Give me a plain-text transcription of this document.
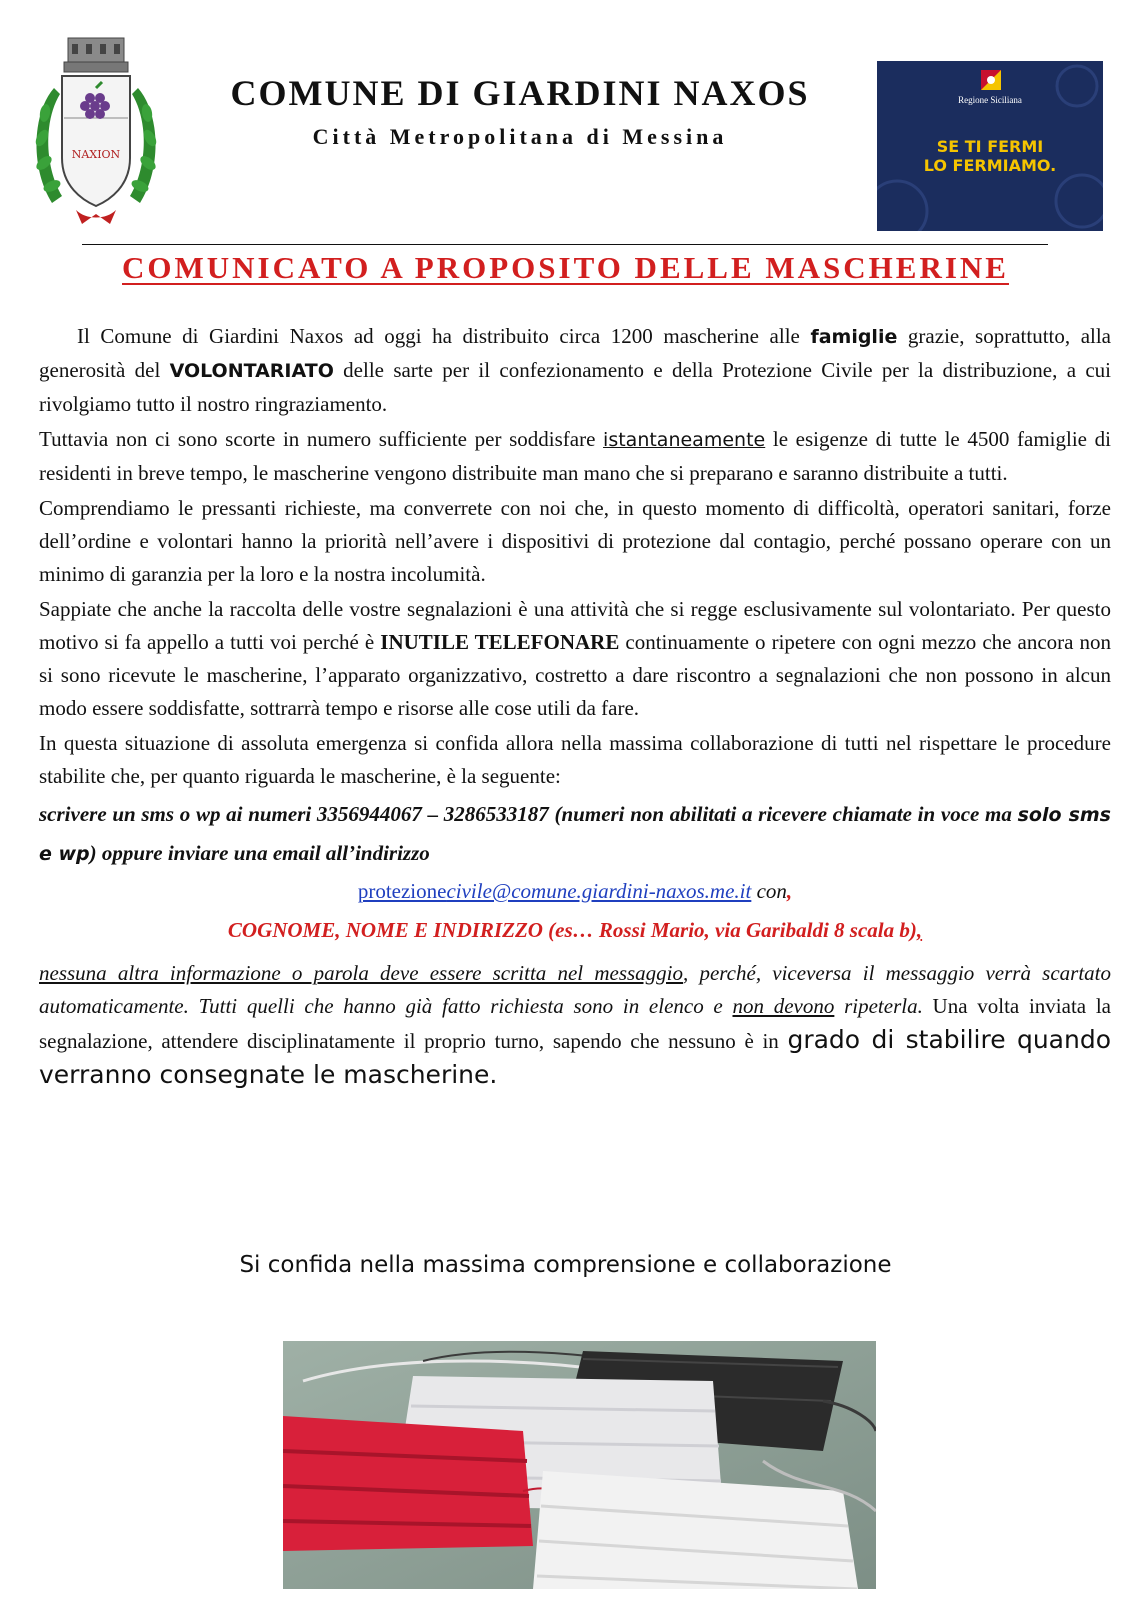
NAXION
COMUNE DI GIARDINI NAXOS
Città Metropolitana di Messina
Regione Siciliana
SE TI FERMI
LO FERMIAMO.
COMUNICATO A PROPOSITO DELLE MASCHERINE

Il Comune di Giardini Naxos ad oggi ha distribuito circa 1200 mascherine alle famiglie grazie, soprattutto, alla generosità del VOLONTARIATO delle sarte per il confezionamento e della Protezione Civile per la distribuzione, a cui rivolgiamo tutto il nostro ringraziamento.

Tuttavia non ci sono scorte in numero sufficiente per soddisfare istantaneamente le esigenze di tutte le 4500 famiglie di residenti in breve tempo, le mascherine vengono distribuite man mano che si preparano e saranno distribuite a tutti.

Comprendiamo le pressanti richieste, ma converrete con noi che, in questo momento di difficoltà, operatori sanitari, forze dell’ordine e volontari hanno la priorità nell’avere i dispositivi di protezione dal contagio, perché possano operare con un minimo di garanzia per la loro e la nostra incolumità.

Sappiate che anche la raccolta delle vostre segnalazioni è una attività che si regge esclusivamente sul volontariato. Per questo motivo si fa appello a tutti voi perché è INUTILE TELEFONARE continuamente o ripetere con ogni mezzo che ancora non si sono ricevute le mascherine, l’apparato organizzativo, costretto a dare riscontro a segnalazioni che non possono in alcun modo essere soddisfatte, sottrarrà tempo e risorse alle cose utili da fare.

In questa situazione di assoluta emergenza si confida allora nella massima collaborazione di tutti nel rispettare le procedure stabilite che, per quanto riguarda le mascherine, è la seguente:

scrivere un sms o wp ai numeri 3356944067 – 3286533187 (numeri non abilitati a ricevere chiamate in voce ma solo sms e wp) oppure inviare una email all’indirizzo

protezionecivile@comune.giardini-naxos.me.it con,

COGNOME, NOME E INDIRIZZO (es… Rossi Mario, via Garibaldi 8 scala b),

nessuna altra informazione o parola deve essere scritta nel messaggio, perché, viceversa il messaggio verrà scartato automaticamente. Tutti quelli che hanno già fatto richiesta sono in elenco e non devono ripeterla. Una volta inviata la segnalazione, attendere disciplinatamente il proprio turno, sapendo che nessuno è in grado di stabilire quando verranno consegnate le mascherine.

Si confida nella massima comprensione e collaborazione
